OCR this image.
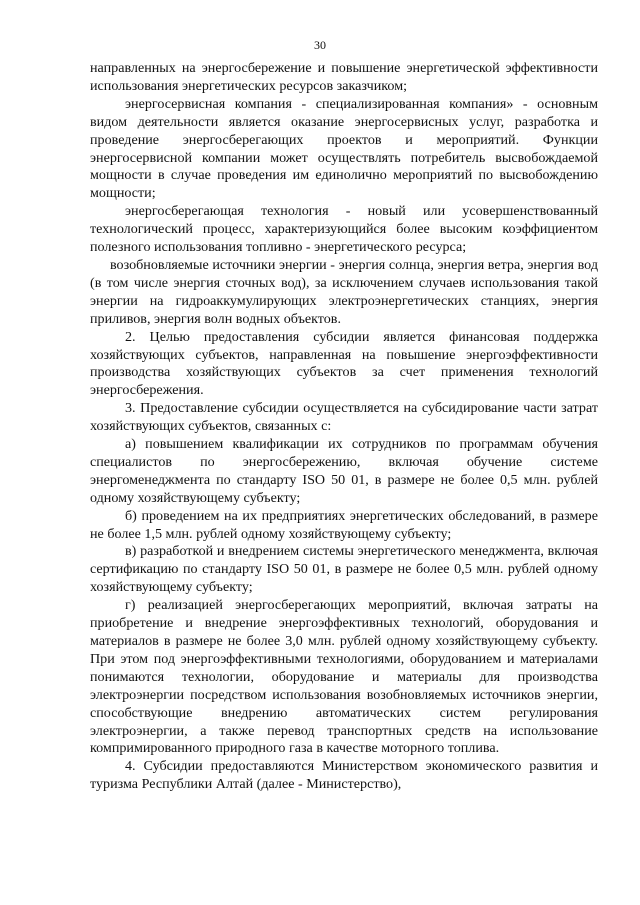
30

направленных на энергосбережение и повышение энергетической эффективности использования энергетических ресурсов заказчиком;

энергосервисная компания - специализированная компания» - основным видом деятельности является оказание энергосервисных услуг, разработка и проведение энергосберегающих проектов и мероприятий. Функции энергосервисной компании может осуществлять потребитель высвобождаемой мощности в случае проведения им единолично мероприятий по высвобождению мощности;

энергосберегающая технология - новый или усовершенствованный технологический процесс, характеризующийся более высоким коэффициентом полезного использования топливно - энергетического ресурса;

возобновляемые источники энергии - энергия солнца, энергия ветра, энергия вод (в том числе энергия сточных вод), за исключением случаев использования такой энергии на гидроаккумулирующих электроэнергетических станциях, энергия приливов, энергия волн водных объектов.

2. Целью предоставления субсидии является финансовая поддержка хозяйствующих субъектов, направленная на повышение энергоэффективности производства хозяйствующих субъектов за счет применения технологий энергосбережения.

3. Предоставление субсидии осуществляется на субсидирование части затрат хозяйствующих субъектов, связанных с:

а) повышением квалификации их сотрудников по программам обучения специалистов по энергосбережению, включая обучение системе энергоменеджмента по стандарту ISO 50 01, в размере не более 0,5 млн. рублей одному хозяйствующему субъекту;

б) проведением на их предприятиях энергетических обследований, в размере не более 1,5 млн. рублей одному хозяйствующему субъекту;

в) разработкой и внедрением системы энергетического менеджмента, включая сертификацию по стандарту ISO 50 01, в размере не более 0,5 млн. рублей одному хозяйствующему субъекту;

г) реализацией энергосберегающих мероприятий, включая затраты на приобретение и внедрение энергоэффективных технологий, оборудования и материалов в размере не более 3,0 млн. рублей одному хозяйствующему субъекту. При этом под энергоэффективными технологиями, оборудованием и материалами понимаются технологии, оборудование и материалы для производства электроэнергии посредством использования возобновляемых источников энергии, способствующие внедрению автоматических систем регулирования электроэнергии, а также перевод транспортных средств на использование компримированного природного газа в качестве моторного топлива.

4. Субсидии предоставляются Министерством экономического развития и туризма Республики Алтай (далее - Министерство),
